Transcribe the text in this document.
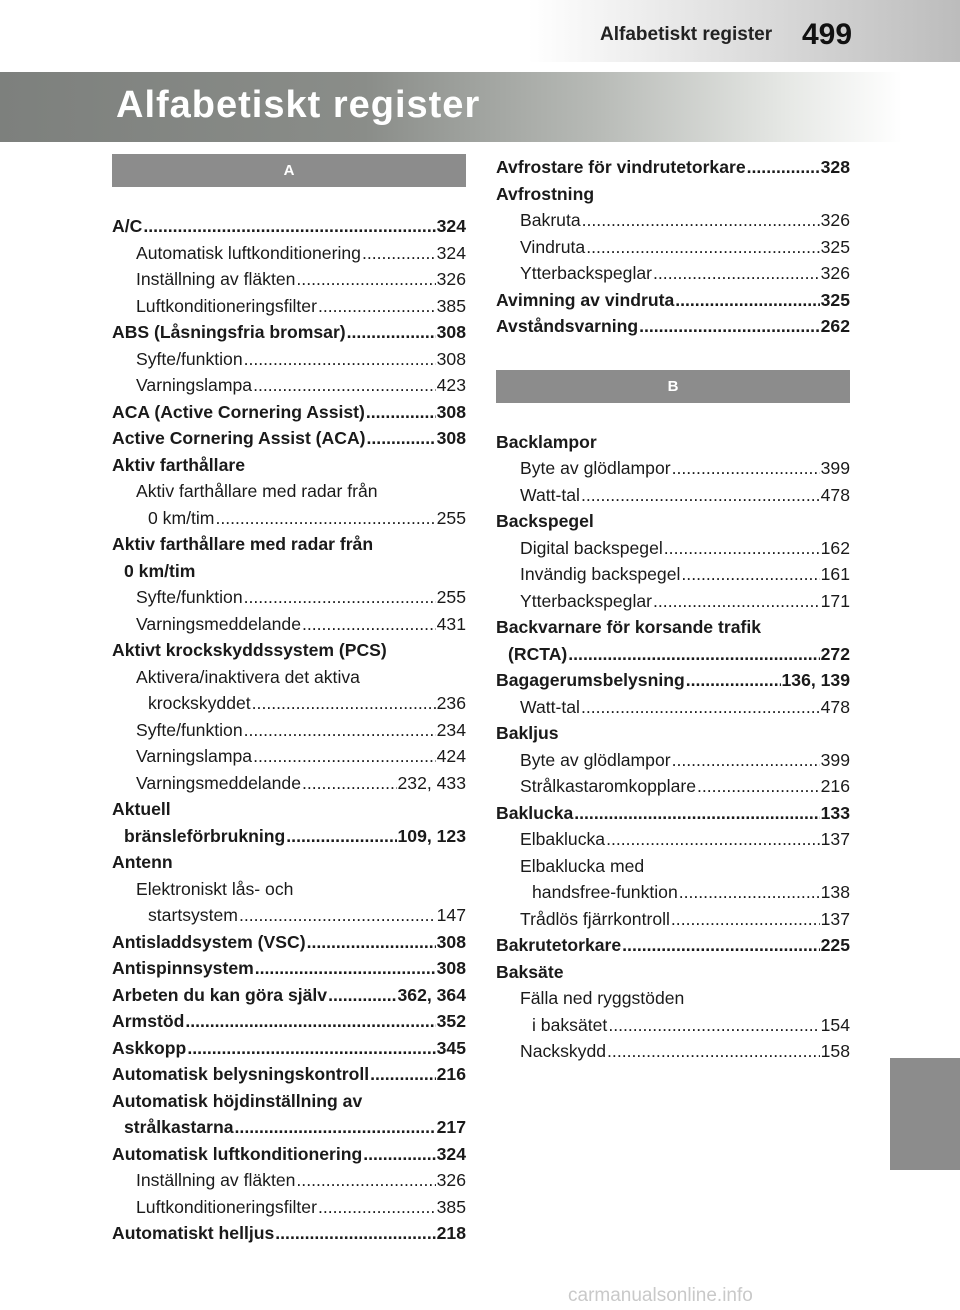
Alfabetiskt register 499
Alfabetiskt register
A
A/C .....	324
Automatisk luftkonditionering .....	324
Inställning av fläkten .....	326
Luftkonditioneringsfilter .....	385
ABS (Låsningsfria bromsar) .....	308
Syfte/funktion .....	308
Varningslampa .....	423
ACA (Active Cornering Assist) .....	308
Active Cornering Assist (ACA) .....	308
Aktiv farthållare
Aktiv farthållare med radar från
0 km/tim .....	255
Aktiv farthållare med radar från
0 km/tim
Syfte/funktion .....	255
Varningsmeddelande .....	431
Aktivt krockskyddssystem (PCS)
Aktivera/inaktivera det aktiva
krockskyddet .....	236
Syfte/funktion .....	234
Varningslampa .....	424
Varningsmeddelande .....	232, 433
Aktuell
bränsleförbrukning .....	109, 123
Antenn
Elektroniskt lås- och
startsystem .....	147
Antisladdsystem (VSC) .....	308
Antispinnsystem .....	308
Arbeten du kan göra själv .....	362, 364
Armstöd .....	352
Askkopp .....	345
Automatisk belysningskontroll .....	216
Automatisk höjdinställning av
strålkastarna .....	217
Automatisk luftkonditionering .....	324
Inställning av fläkten .....	326
Luftkonditioneringsfilter .....	385
Automatiskt helljus .....	218
Avfrostare för vindrutetorkare .....	328
Avfrostning
Bakruta .....	326
Vindruta .....	325
Ytterbackspeglar .....	326
Avimning av vindruta .....	325
Avståndsvarning .....	262
B
Backlampor
Byte av glödlampor .....	399
Watt-tal .....	478
Backspegel
Digital backspegel .....	162
Invändig backspegel .....	161
Ytterbackspeglar .....	171
Backvarnare för korsande trafik
(RCTA) .....	272
Bagagerumsbelysning .....	136, 139
Watt-tal .....	478
Bakljus
Byte av glödlampor .....	399
Strålkastaromkopplare .....	216
Baklucka .....	133
Elbaklucka .....	137
Elbaklucka med
handsfree-funktion .....	138
Trådlös fjärrkontroll .....	137
Bakrutetorkare .....	225
Baksäte
Fälla ned ryggstöden
i baksätet .....	154
Nackskydd .....	158
carmanualsonline.info
